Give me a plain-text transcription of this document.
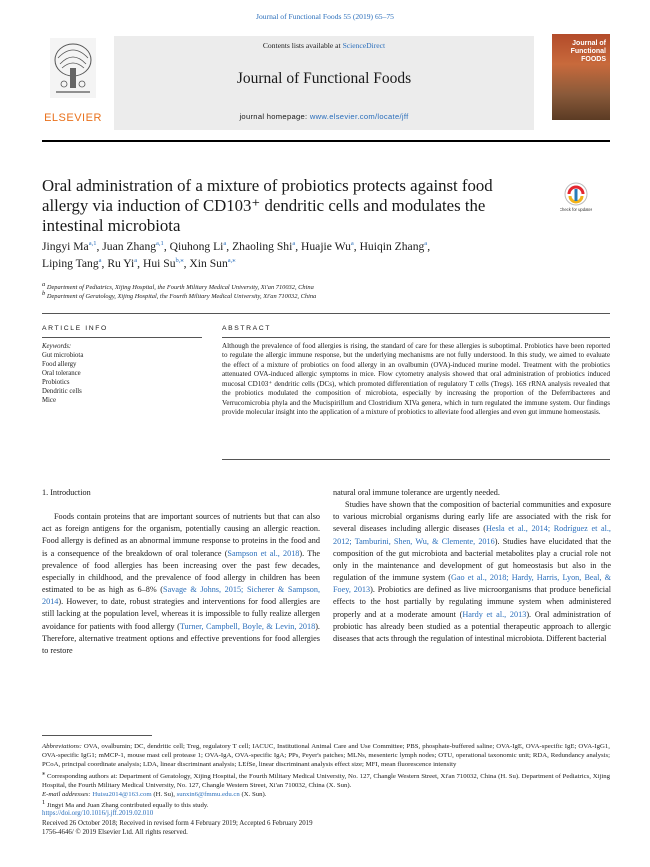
Journal of Functional Foods 55 (2019) 65–75
ELSEVIER
Contents lists available at ScienceDirect
Journal of Functional Foods
journal homepage: www.elsevier.com/locate/jff
Journal of
Functional
FOODS
Oral administration of a mixture of probiotics protects against food allergy via induction of CD103⁺ dendritic cells and modulates the intestinal microbiota
Check for updates
Jingyi Ma$^{a,1}$, Juan Zhang$^{a,1}$, Qiuhong Li$^a$, Zhaoling Shi$^a$, Huajie Wu$^a$, Huiqin Zhang$^a$,
Liping Tang$^a$, Ru Yi$^a$, Hui $Su^{b,⁎}$, Xin Sun$^{a,⁎}$
$^a$ Department of Pediatrics, Xijing Hospital, the Fourth Military Medical University, Xi'an 710032, China
$^b$ Department of Geratology, Xijing Hospital, the Fourth Military Medical University, Xi'an 710032, China
ARTICLE INFO	ABSTRACT
Keywords:
Gut microbiota
Food allergy
Oral tolerance
Probiotics
Dendritic cells
Mice
Although the prevalence of food allergies is rising, the standard of care for these allergies is suboptimal. Probiotics have been reported to regulate the allergic immune response, but the underlying mechanisms are not fully understood. In this study, we aimed to evaluate the effect of a mixture of probiotics on food allergy in an ovalbumin (OVA)-induced murine model. Treatment with the probiotics attenuated OVA-induced allergic symptoms in mice. Flow cytometry analysis showed that oral administration of probiotics induced mucosal CD103⁺ dendritic cells (DCs), which promoted differentiation of regulatory T cells (Tregs). 16S rRNA analysis revealed that the probiotics modulated the composition of microbiota, especially by increasing the proportion of the Deferribacteres and Verrucomicrobia phyla and the Mucispirillum and Clostridium XIVa genera, which in turn regulated the immune system. Our findings provide molecular insight into the application of a mixture of probiotics to alleviate food allergies and even gut immune homeostasis.
1. Introduction

Foods contain proteins that are important sources of nutrients but that can also act as foreign antigens for the organism, potentially causing an allergic reaction. Food allergy is defined as an abnormal immune response to proteins in the food and is a consequence of the breakdown of oral tolerance (Sampson et al., 2018). The prevalence of food allergies has been increasing over the past few decades, especially in childhood, and the prevalence of food allergy in children has been estimated to be as high as 6–8% (Savage & Johns, 2015; Sicherer & Sampson, 2014). However, to date, robust strategies and interventions for food allergies are still lacking at the population level, whereas it is impossible to fully realize allergen avoidance for patients with food allergy (Turner, Campbell, Boyle, & Levin, 2018). Therefore, alternative treatment options and effective preventions for food allergies to restore

natural oral immune tolerance are urgently needed.

Studies have shown that the composition of bacterial communities and exposure to various microbial organisms during early life are associated with the risk for several diseases including allergic diseases (Hesla et al., 2014; Rodríguez et al., 2012; Tamburini, Shen, Wu, & Clemente, 2016). Studies have elucidated that the composition of the gut microbiota and bacterial metabolites play a crucial role not only in the maintenance and development of gut homeostasis but also in the regulation of the immune system (Gao et al., 2018; Hardy, Harris, Lyon, Beal, & Foey, 2013). Probiotics are defined as live microorganisms that produce beneficial effects to the host partially by regulating immune system when administered properly and at a moderate amount (Hardy et al., 2013). Oral administration of probiotic has already been studied as a potential therapeutic approach to allergic diseases that acts through the regulation of intestinal microbiota. Different bacterial

Abbreviations: OVA, ovalbumin; DC, dendritic cell; Treg, regulatory T cell; IACUC, Institutional Animal Care and Use Committee; PBS, phosphate-buffered saline; OVA-IgE, OVA-specific IgE; OVA-IgG1, OVA-specific IgG1; mMCP-1, mouse mast cell protease 1; OVA-IgA, OVA-specific IgA; PPs, Peyer's patches; MLNs, mesenteric lymph nodes; OTU, operational taxonomic unit; RDA, Redundancy analysis; PCoA, principal coordinate analysis; LDA, linear discriminant analysis; LEfSe, linear discriminant analysis effect size; MFI, mean fluorescence intensity

⁎ Corresponding authors at: Department of Geratology, Xijing Hospital, the Fourth Military Medical University, No. 127, Changle Western Street, Xi'an 710032, China (H. Su). Department of Pediatrics, Xijing Hospital, the Fourth Military Medical University, No. 127, Changle Western Street, Xi'an 710032, China (X. Sun).
E-mail addresses: Huisu2014@163.com (H. Su), sunxin6@fmmu.edu.cn (X. Sun).

$^1$ Jingyi Ma and Juan Zhang contributed equally to this study.

https://doi.org/10.1016/j.jff.2019.02.010
Received 26 October 2018; Received in revised form 4 February 2019; Accepted 6 February 2019
1756-4646/ © 2019 Elsevier Ltd. All rights reserved.
